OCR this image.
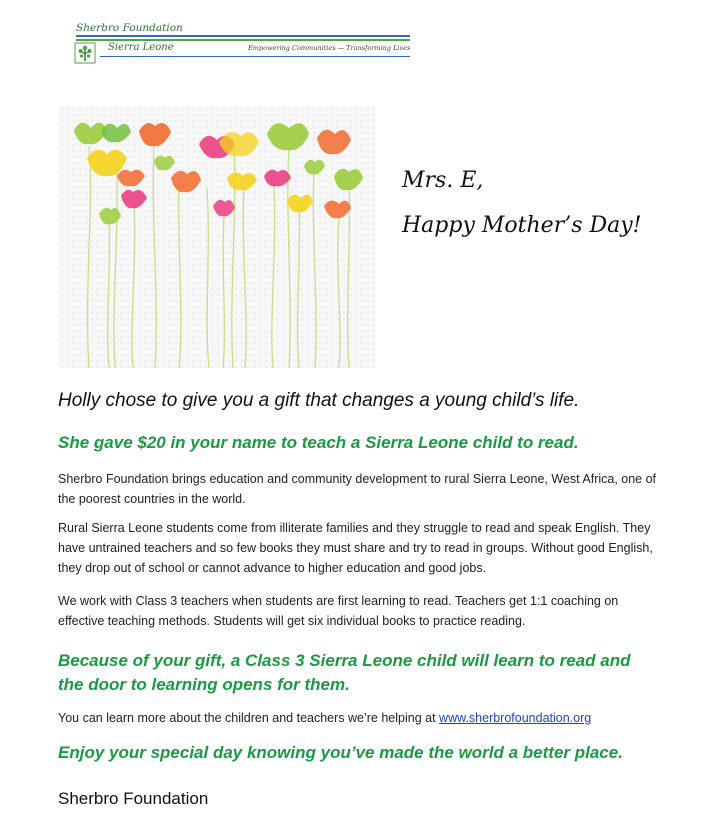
Sherbro Foundation
Sierra Leone	Empowering Communities — Transforming Lives
Mrs. E,
Happy Mother’s Day!
Holly chose to give you a gift that changes a young child’s life.
She gave $20 in your name to teach a Sierra Leone child to read.
Sherbro Foundation brings education and community development to rural Sierra Leone, West Africa, one of the poorest countries in the world.
Rural Sierra Leone students come from illiterate families and they struggle to read and speak English. They have untrained teachers and so few books they must share and try to read in groups. Without good English, they drop out of school or cannot advance to higher education and good jobs.
We work with Class 3 teachers when students are first learning to read. Teachers get 1:1 coaching on effective teaching methods. Students will get six individual books to practice reading.
Because of your gift, a Class 3 Sierra Leone child will learn to read and the door to learning opens for them.
You can learn more about the children and teachers we’re helping at www.sherbrofoundation.org
Enjoy your special day knowing you’ve made the world a better place.
Sherbro Foundation
